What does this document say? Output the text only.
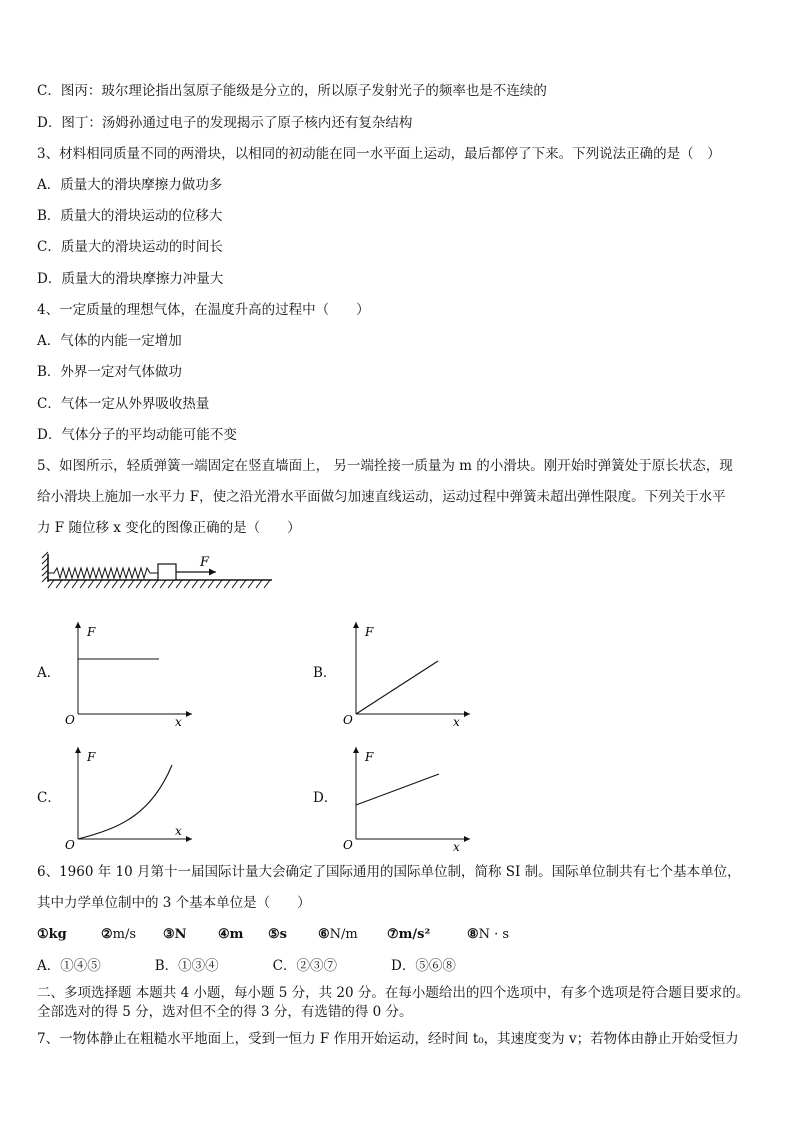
C．图丙：玻尔理论指出氢原子能级是分立的，所以原子发射光子的频率也是不连续的
D．图丁：汤姆孙通过电子的发现揭示了原子核内还有复杂结构
3、材料相同质量不同的两滑块，以相同的初动能在同一水平面上运动，最后都停了下来。下列说法正确的是（　）
A．质量大的滑块摩擦力做功多
B．质量大的滑块运动的位移大
C．质量大的滑块运动的时间长
D．质量大的滑块摩擦力冲量大
4、一定质量的理想气体，在温度升高的过程中（　　）
A．气体的内能一定增加
B．外界一定对气体做功
C．气体一定从外界吸收热量
D．气体分子的平均动能可能不变
5、如图所示，轻质弹簧一端固定在竖直墙面上， 另一端拴接一质量为 m 的小滑块。刚开始时弹簧处于原长状态，现
给小滑块上施加一水平力 F，使之沿光滑水平面做匀加速直线运动，运动过程中弹簧未超出弹性限度。下列关于水平
力 F 随位移 x 变化的图像正确的是（　　）
F
A．	B．
C．	D．
F
O	x
F
O	x
F
O
x
F
O	x
6、1960 年 10 月第十一届国际计量大会确定了国际通用的国际单位制，简称 SI 制。国际单位制共有七个基本单位，
其中力学单位制中的 3 个基本单位是（　　）
①kg	②m/s ③N ④m ⑤s ⑥N/m ⑦m/s²	⑧N · s
A．①④⑤　　　　B．①③④　　　　C．②③⑦　　　　D．⑤⑥⑧
二、多项选择题 本题共 4 小题，每小题 5 分，共 20 分。在每小题给出的四个选项中，有多个选项是符合题目要求的。
全部选对的得 5 分，选对但不全的得 3 分，有选错的得 0 分。
7、一物体静止在粗糙水平地面上，受到一恒力 F 作用开始运动，经时间 t₀，其速度变为 v；若物体由静止开始受恒力
